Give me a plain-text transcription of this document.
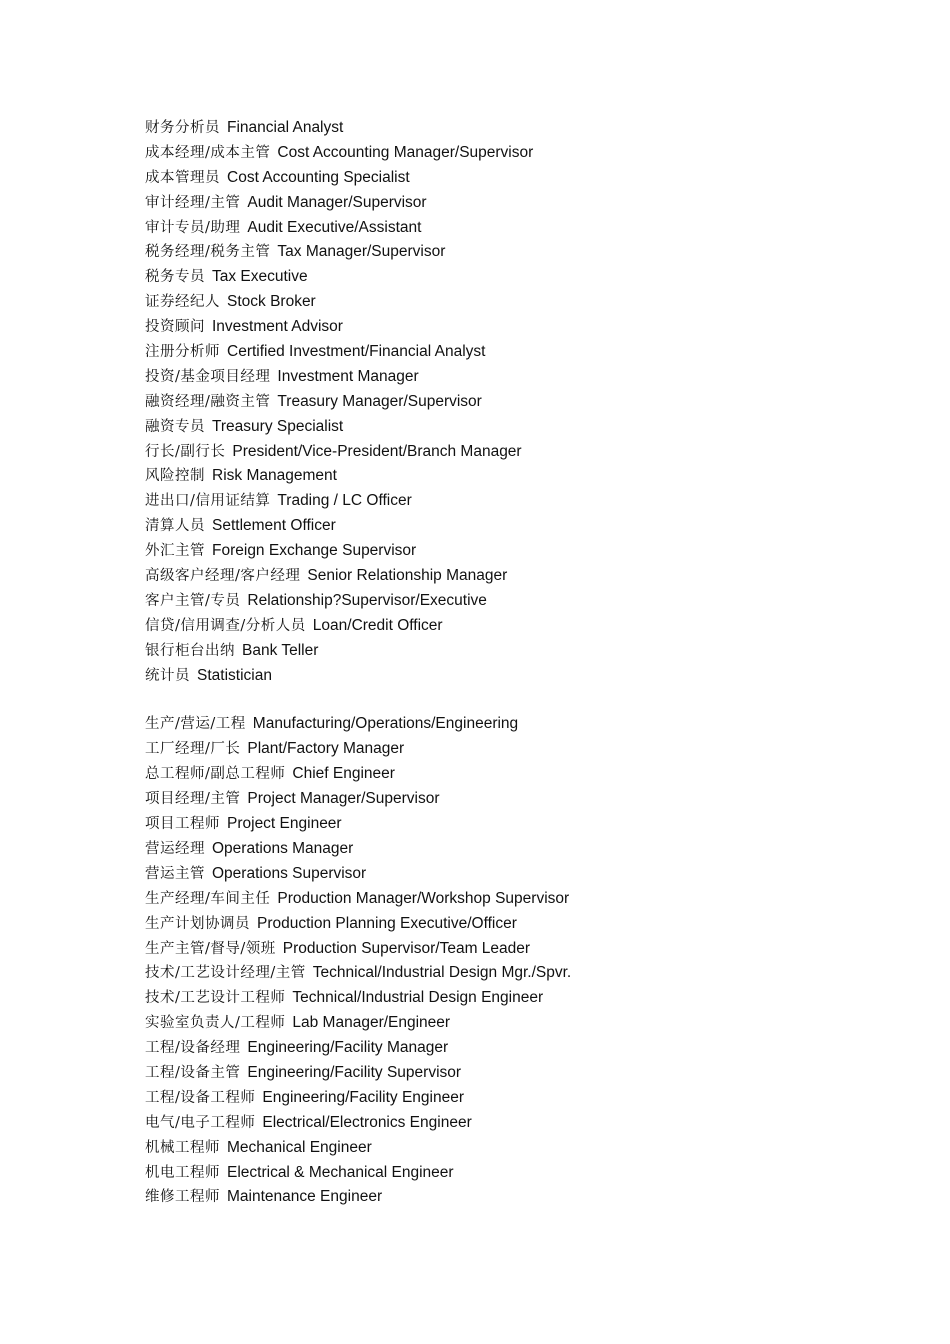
财务分析员 Financial Analyst
成本经理/成本主管 Cost Accounting Manager/Supervisor
成本管理员 Cost Accounting Specialist
审计经理/主管 Audit Manager/Supervisor
审计专员/助理 Audit Executive/Assistant
税务经理/税务主管 Tax Manager/Supervisor
税务专员 Tax Executive
证券经纪人 Stock Broker
投资顾问 Investment Advisor
注册分析师 Certified Investment/Financial Analyst
投资/基金项目经理 Investment Manager
融资经理/融资主管 Treasury Manager/Supervisor
融资专员 Treasury Specialist
行长/副行长 President/Vice-President/Branch Manager
风险控制 Risk Management
进出口/信用证结算 Trading / LC Officer
清算人员 Settlement Officer
外汇主管 Foreign Exchange Supervisor
高级客户经理/客户经理 Senior Relationship Manager
客户主管/专员 Relationship?Supervisor/Executive
信贷/信用调查/分析人员 Loan/Credit Officer
银行柜台出纳 Bank Teller
统计员 Statistician
生产/营运/工程 Manufacturing/Operations/Engineering
工厂经理/厂长 Plant/Factory Manager
总工程师/副总工程师 Chief Engineer
项目经理/主管 Project Manager/Supervisor
项目工程师 Project Engineer
营运经理 Operations Manager
营运主管 Operations Supervisor
生产经理/车间主任 Production Manager/Workshop Supervisor
生产计划协调员 Production Planning Executive/Officer
生产主管/督导/领班 Production Supervisor/Team Leader
技术/工艺设计经理/主管 Technical/Industrial Design Mgr./Spvr.
技术/工艺设计工程师 Technical/Industrial Design Engineer
实验室负责人/工程师 Lab Manager/Engineer
工程/设备经理 Engineering/Facility Manager
工程/设备主管 Engineering/Facility Supervisor
工程/设备工程师 Engineering/Facility Engineer
电气/电子工程师 Electrical/Electronics Engineer
机械工程师 Mechanical Engineer
机电工程师 Electrical & Mechanical Engineer
维修工程师 Maintenance Engineer
